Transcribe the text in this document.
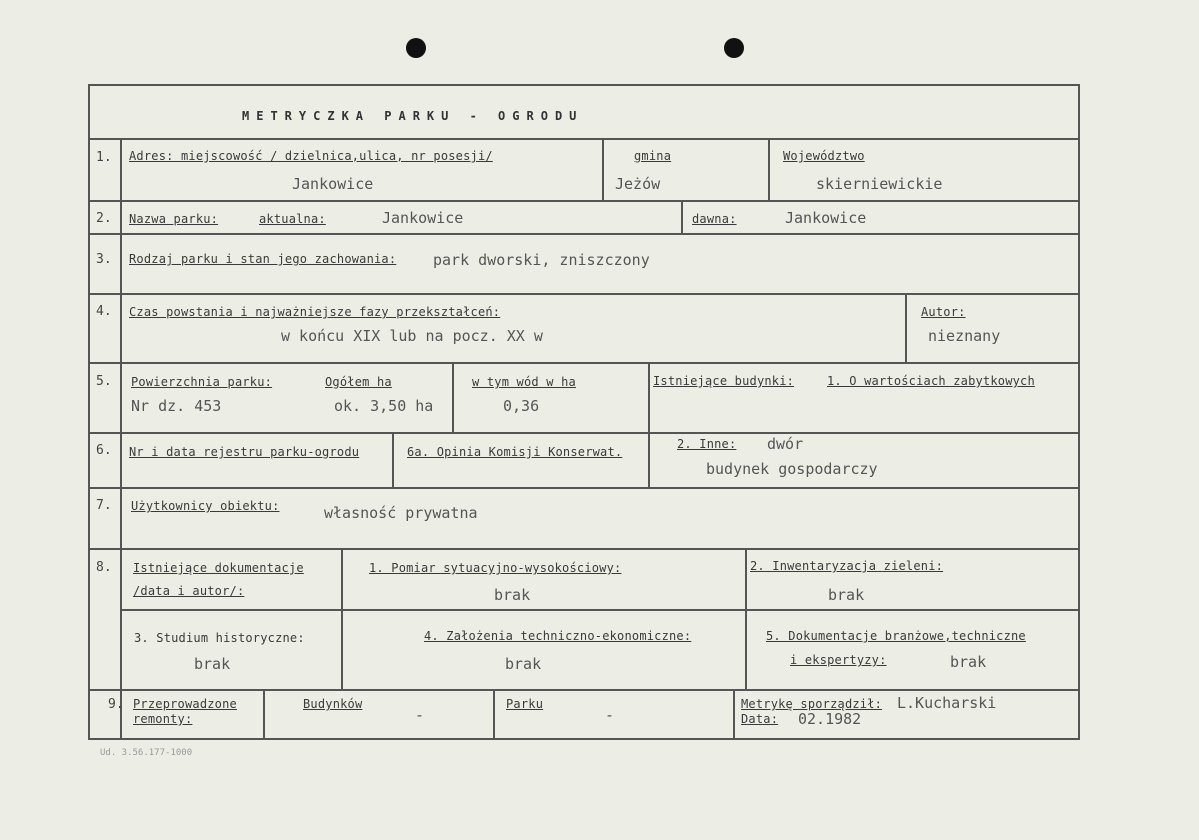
METRYCZKA PARKU - OGRODU
1. Adres: miejscowość / dzielnica,ulica, nr posesji/
Jankowice
gmina
Jeżów
Województwo
skierniewickie
2. Nazwa parku:	aktualna:	Jankowice	dawna:	Jankowice
3. Rodzaj parku i stan jego zachowania: park dworski, zniszczony
4. Czas powstania i najważniejsze fazy przekształceń:
w końcu XIX lub na pocz. XX w
Autor:
nieznany
5. Powierzchnia parku:	Ogółem ha
Nr dz. 453	ok. 3,50 ha
w tym wód w ha
0,36
Istniejące budynki:	1. O wartościach zabytkowych
6. Nr i data rejestru parku-ogrodu	6a. Opinia Komisji Konserwat.
2. Inne: dwór
budynek gospodarczy
7. Użytkownicy obiektu:	własność prywatna
8. Istniejące dokumentacje
/data i autor/:
1. Pomiar sytuacyjno-wysokościowy:
brak
2. Inwentaryzacja zieleni:
brak
3. Studium historyczne:
brak
4. Założenia techniczno-ekonomiczne:
brak
5. Dokumentacje branżowe,techniczne
i ekspertyzy:	brak
9. Przeprowadzone
remonty:
Budynków
-
Parku
-
Metrykę sporządził: L.Kucharski
Data: 02.1982
Ud. 3.56.177-1000
